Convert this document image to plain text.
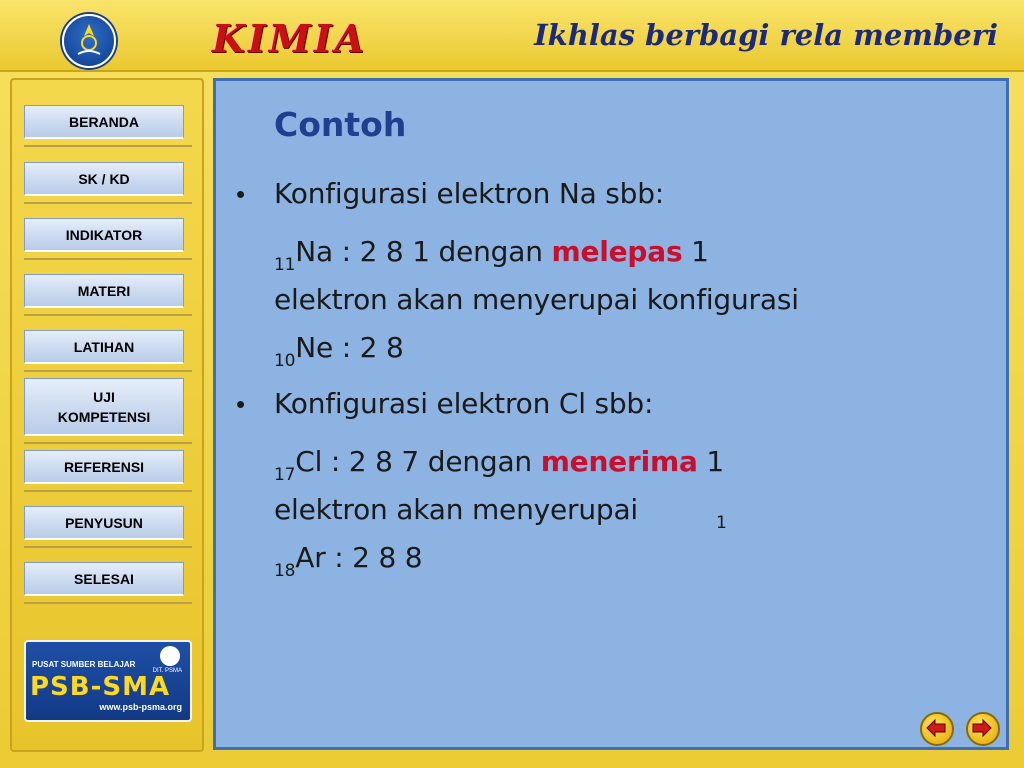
KIMIA	Ikhlas berbagi rela memberi
BERANDA
SK / KD
INDIKATOR
MATERI
LATIHAN
UJI KOMPETENSI
REFERENSI
PENYUSUN
SELESAI
PUSAT SUMBER BELAJAR
DIT. PSMA
PSB-SMA
www.psb-psma.org
Contoh
• Konfigurasi elektron Na sbb:
$_{11}$Na : 2 8 1 dengan melepas 1
elektron akan menyerupai konfigurasi
$_{10}$Ne : 2 8
• Konfigurasi elektron Cl sbb:
$_{17}$Cl : 2 8 7 dengan menerima 1
elektron akan menyerupai	1
$_{18}$Ar : 2 8 8
